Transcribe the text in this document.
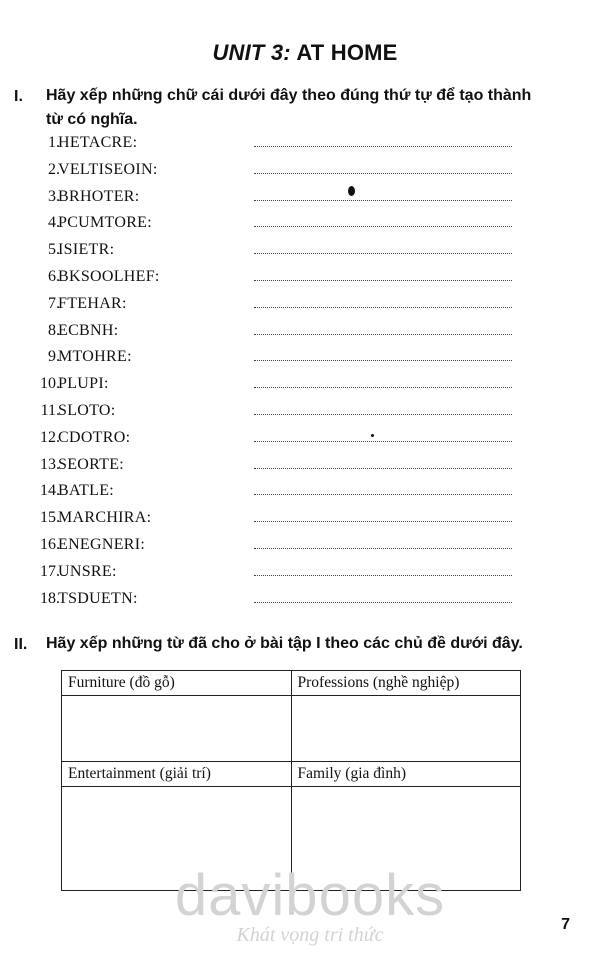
UNIT 3: AT HOME
I. Hãy xếp những chữ cái dưới đây theo đúng thứ tự để tạo thành
từ có nghĩa.
1.
HETACRE:
2.
VELTISEOIN:
3.
BRHOTER:
4.
PCUMTORE:
5.
ISIETR:
6.
BKSOOLHEF:
7.
FTEHAR:
8.
ECBNH:
9.
MTOHRE:
10.
PLUPI:
11.
SLOTO:
12.
CDOTRO:
13.
SEORTE:
14.
BATLE:
15.
MARCHIRA:
16.
ENEGNERI:
17.
UNSRE:
18.
TSDUETN:
II. Hãy xếp những từ đã cho ở bài tập I theo các chủ đề dưới đây.
Furniture (đồ gỗ)	Professions (nghề nghiệp)

Entertainment (giải trí)	Family (gia đình)

davibooks
Khát vọng tri thức	7
